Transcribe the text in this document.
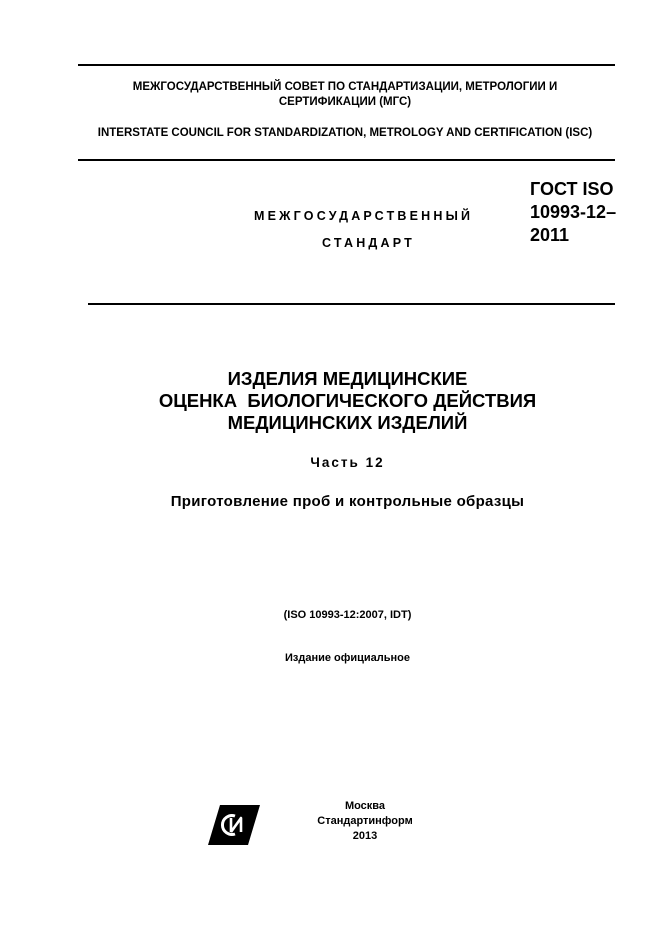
МЕЖГОСУДАРСТВЕННЫЙ СОВЕТ ПО СТАНДАРТИЗАЦИИ, МЕТРОЛОГИИ И СЕРТИФИКАЦИИ (МГС)
INTERSTATE COUNCIL FOR STANDARDIZATION, METROLOGY AND CERTIFICATION (ISC)
МЕЖГОСУДАРСТВЕННЫЙ
СТАНДАРТ
ГОСТ ISO
10993-12–
2011
ИЗДЕЛИЯ МЕДИЦИНСКИЕ
ОЦЕНКА  БИОЛОГИЧЕСКОГО ДЕЙСТВИЯ
МЕДИЦИНСКИХ ИЗДЕЛИЙ
Часть 12
Приготовление проб и контрольные образцы
(ISO 10993-12:2007, IDT)
Издание официальное
Москва
Стандартинформ
2013
